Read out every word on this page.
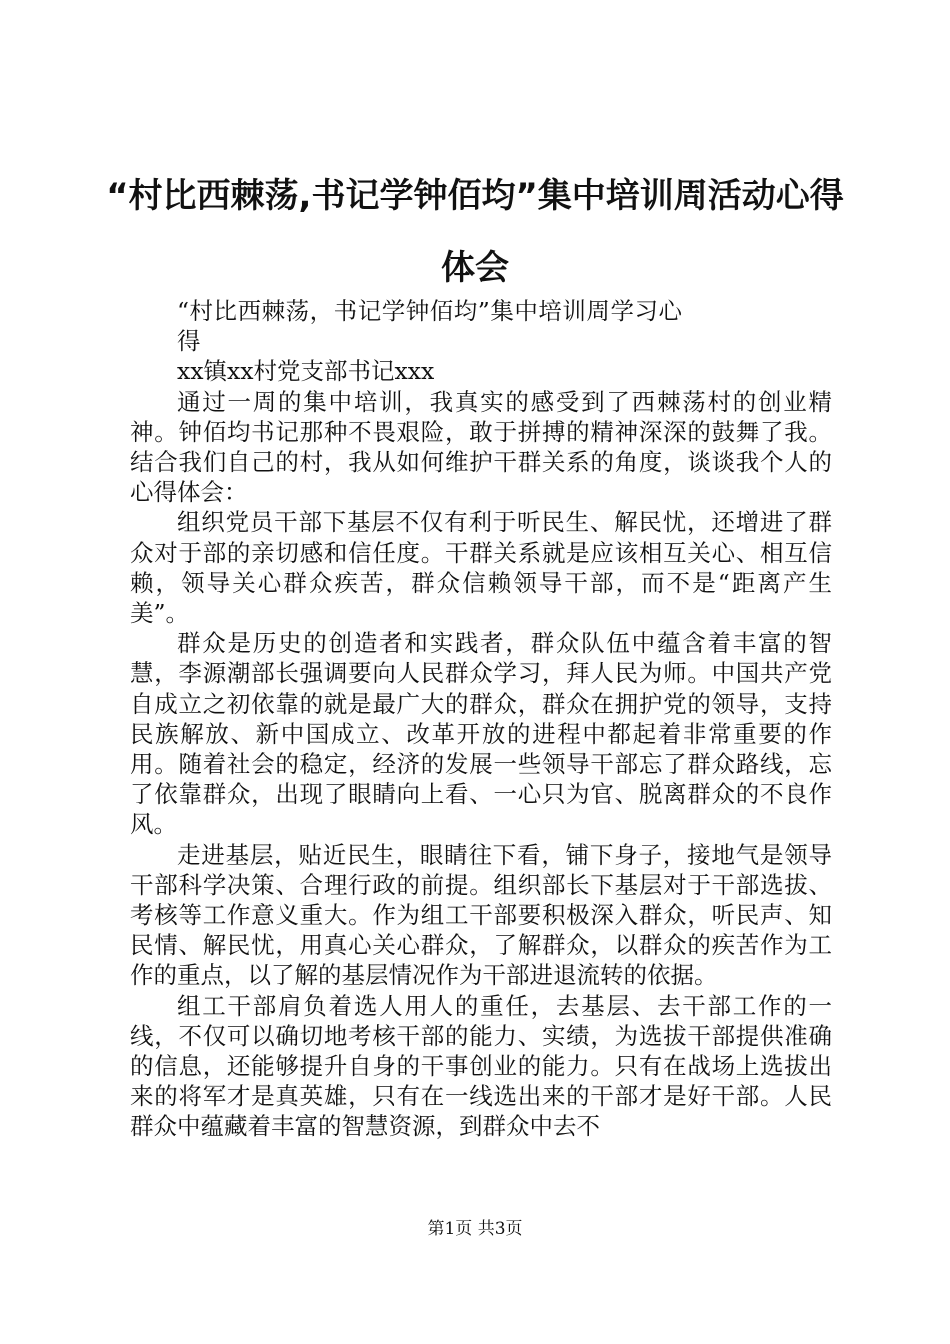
“村比西棘荡,书记学钟佰均”集中培训周活动心得体会

“村比西棘荡，书记学钟佰均”集中培训周学习心得

xx镇xx村党支部书记xxx

通过一周的集中培训，我真实的感受到了西棘荡村的创业精神。钟佰均书记那种不畏艰险，敢于拼搏的精神深深的鼓舞了我。结合我们自己的村，我从如何维护干群关系的角度，谈谈我个人的心得体会：

组织党员干部下基层不仅有利于听民生、解民忧，还增进了群众对于部的亲切感和信任度。干群关系就是应该相互关心、相互信赖，领导关心群众疾苦，群众信赖领导干部，而不是“距离产生美”。

群众是历史的创造者和实践者，群众队伍中蕴含着丰富的智慧，李源潮部长强调要向人民群众学习，拜人民为师。中国共产党自成立之初依靠的就是最广大的群众，群众在拥护党的领导，支持民族解放、新中国成立、改革开放的进程中都起着非常重要的作用。随着社会的稳定，经济的发展一些领导干部忘了群众路线，忘了依靠群众，出现了眼睛向上看、一心只为官、脱离群众的不良作风。

走进基层，贴近民生，眼睛往下看，铺下身子，接地气是领导干部科学决策、合理行政的前提。组织部长下基层对于干部选拔、考核等工作意义重大。作为组工干部要积极深入群众，听民声、知民情、解民忧，用真心关心群众，了解群众，以群众的疾苦作为工作的重点，以了解的基层情况作为干部进退流转的依据。

组工干部肩负着选人用人的重任，去基层、去干部工作的一线，不仅可以确切地考核干部的能力、实绩，为选拔干部提供准确的信息，还能够提升自身的干事创业的能力。只有在战场上选拔出来的将军才是真英雄，只有在一线选出来的干部才是好干部。人民群众中蕴藏着丰富的智慧资源，到群众中去不

第1页 共3页
